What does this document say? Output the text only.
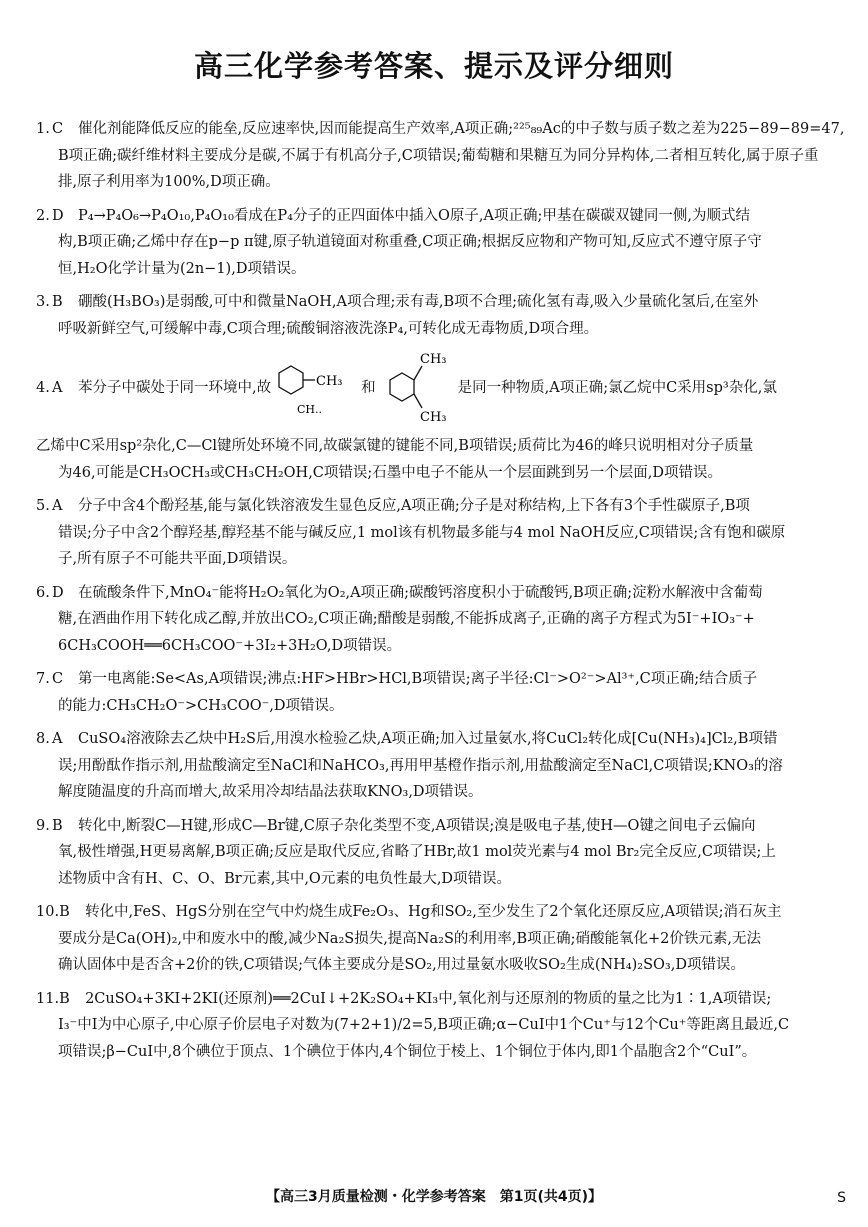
高三化学参考答案、提示及评分细则

1. C 催化剂能降低反应的能垒,反应速率快,因而能提高生产效率,A项正确;²²⁵₈₉Ac的中子数与质子数之差为225−89−89=47,

B项正确;碳纤维材料主要成分是碳,不属于有机高分子,C项错误;葡萄糖和果糖互为同分异构体,二者相互转化,属于原子重

排,原子利用率为100%,D项正确。

2. D P₄→P₄O₆→P₄O₁₀,P₄O₁₀看成在P₄分子的正四面体中插入O原子,A项正确;甲基在碳碳双键同一侧,为顺式结

构,B项正确;乙烯中存在p−p π键,原子轨道镜面对称重叠,C项正确;根据反应物和产物可知,反应式不遵守原子守

恒,H₂O化学计量为(2n−1),D项错误。

3. B 硼酸(H₃BO₃)是弱酸,可中和微量NaOH,A项合理;汞有毒,B项不合理;硫化氢有毒,吸入少量硫化氢后,在室外

呼吸新鲜空气,可缓解中毒,C项合理;硫酸铜溶液洗涤P₄,可转化成无毒物质,D项合理。

4. A 苯分子中碳处于同一环境中,故	CH₃
CH..
和
CH₃
CH₃
是同一种物质,A项正确;氯乙烷中C采用sp³杂化,氯

乙烯中C采用sp²杂化,C—Cl键所处环境不同,故碳氯键的键能不同,B项错误;质荷比为46的峰只说明相对分子质量

为46,可能是CH₃OCH₃或CH₃CH₂OH,C项错误;石墨中电子不能从一个层面跳到另一个层面,D项错误。

5. A 分子中含4个酚羟基,能与氯化铁溶液发生显色反应,A项正确;分子是对称结构,上下各有3个手性碳原子,B项

错误;分子中含2个醇羟基,醇羟基不能与碱反应,1 mol该有机物最多能与4 mol NaOH反应,C项错误;含有饱和碳原

子,所有原子不可能共平面,D项错误。

6. D 在硫酸条件下,MnO₄⁻能将H₂O₂氧化为O₂,A项正确;碳酸钙溶度积小于硫酸钙,B项正确;淀粉水解液中含葡萄

糖,在酒曲作用下转化成乙醇,并放出CO₂,C项正确;醋酸是弱酸,不能拆成离子,正确的离子方程式为5I⁻+IO₃⁻+

6CH₃COOH══6CH₃COO⁻+3I₂+3H₂O,D项错误。

7. C 第一电离能:Se<As,A项错误;沸点:HF>HBr>HCl,B项错误;离子半径:Cl⁻>O²⁻>Al³⁺,C项正确;结合质子

的能力:CH₃CH₂O⁻>CH₃COO⁻,D项错误。

8. A CuSO₄溶液除去乙炔中H₂S后,用溴水检验乙炔,A项正确;加入过量氨水,将CuCl₂转化成[Cu(NH₃)₄]Cl₂,B项错

误;用酚酞作指示剂,用盐酸滴定至NaCl和NaHCO₃,再用甲基橙作指示剂,用盐酸滴定至NaCl,C项错误;KNO₃的溶

解度随温度的升高而增大,故采用冷却结晶法获取KNO₃,D项错误。

9. B 转化中,断裂C—H键,形成C—Br键,C原子杂化类型不变,A项错误;溴是吸电子基,使H—O键之间电子云偏向

氧,极性增强,H更易离解,B项正确;反应是取代反应,省略了HBr,故1 mol荧光素与4 mol Br₂完全反应,C项错误;上

述物质中含有H、C、O、Br元素,其中,O元素的电负性最大,D项错误。

10.B 转化中,FeS、HgS分别在空气中灼烧生成Fe₂O₃、Hg和SO₂,至少发生了2个氧化还原反应,A项错误;消石灰主

要成分是Ca(OH)₂,中和废水中的酸,减少Na₂S损失,提高Na₂S的利用率,B项正确;硝酸能氧化+2价铁元素,无法

确认固体中是否含+2价的铁,C项错误;气体主要成分是SO₂,用过量氨水吸收SO₂生成(NH₄)₂SO₃,D项错误。

11.B 2CuSO₄+3KI+2KI(还原剂)══2CuI↓+2K₂SO₄+KI₃中,氧化剂与还原剂的物质的量之比为1∶1,A项错误;

I₃⁻中I为中心原子,中心原子价层电子对数为(7+2+1)/2=5,B项正确;α−CuI中1个Cu⁺与12个Cu⁺等距离且最近,C

项错误;β−CuI中,8个碘位于顶点、1个碘位于体内,4个铜位于棱上、1个铜位于体内,即1个晶胞含2个“CuI”。

【高三3月质量检测・化学参考答案　第1页(共4页)】	S
